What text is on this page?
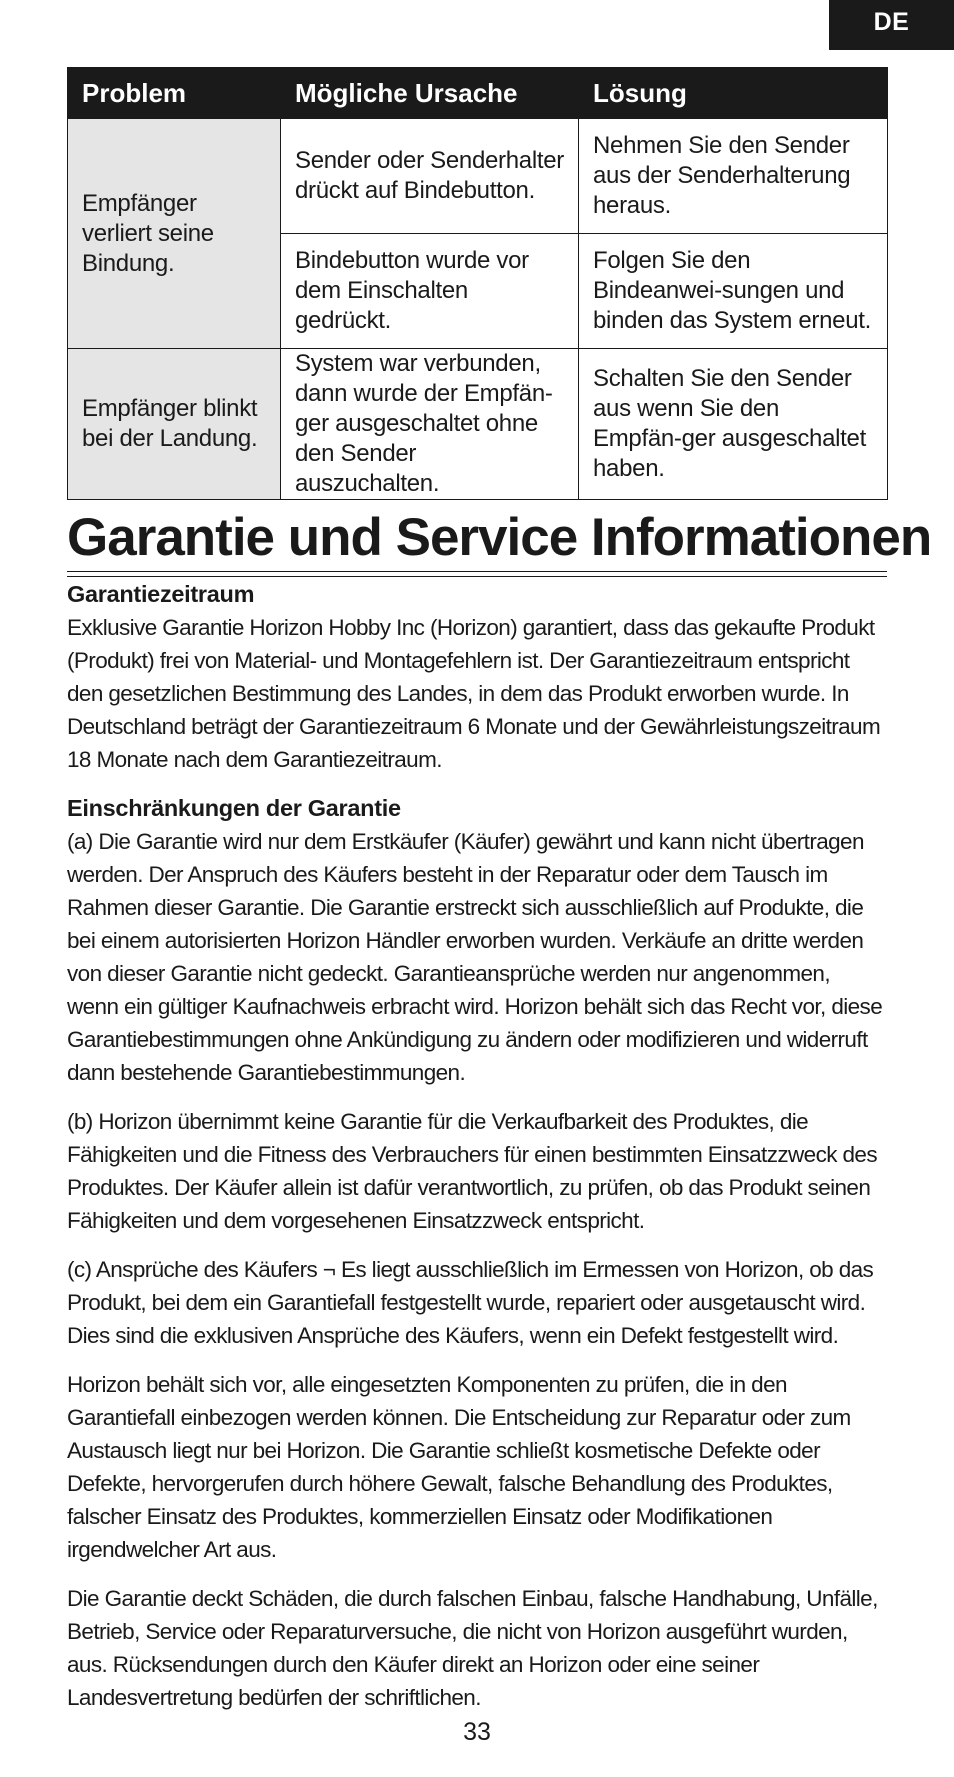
DE
Problem	Mögliche Ursache	Lösung
Empfänger verliert seine Bindung.	Sender oder Senderhalter drückt auf Bindebutton.	Nehmen Sie den Sender aus der Senderhalterung heraus.
	Bindebutton wurde vor dem Einschalten gedrückt.	Folgen Sie den Bindeanwei-sungen und binden das System erneut.
Empfänger blinkt bei der Landung.	System war verbunden, dann wurde der Empfän-ger ausgeschaltet ohne den Sender auszuchalten.	Schalten Sie den Sender aus wenn Sie den Empfän-ger ausgeschaltet haben.
Garantie und Service Informationen
Garantiezeitraum

Exklusive Garantie Horizon Hobby Inc (Horizon) garantiert, dass das gekaufte Produkt (Produkt) frei von Material- und Montagefehlern ist. Der Garantiezeitraum entspricht den gesetzlichen Bestimmung des Landes, in dem das Produkt erworben wurde. In Deutschland beträgt der Garantiezeitraum 6 Monate und der Gewährleistungszeitraum 18 Monate nach dem Garantiezeitraum.

Einschränkungen der Garantie

(a) Die Garantie wird nur dem Erstkäufer (Käufer) gewährt und kann nicht übertragen werden. Der Anspruch des Käufers besteht in der Reparatur oder dem Tausch im Rahmen dieser Garantie. Die Garantie erstreckt sich ausschließlich auf Produkte, die bei einem autorisierten Horizon Händler erworben wurden. Verkäufe an dritte werden von dieser Garantie nicht gedeckt. Garantieansprüche werden nur angenommen, wenn ein gültiger Kaufnachweis erbracht wird. Horizon behält sich das Recht vor, diese Garantiebestimmungen ohne Ankündigung zu ändern oder modifizieren und widerruft dann bestehende Garantiebestimmungen.

(b) Horizon übernimmt keine Garantie für die Verkaufbarkeit des Produktes, die Fähigkeiten und die Fitness des Verbrauchers für einen bestimmten Einsatzzweck des Produktes. Der Käufer allein ist dafür verantwortlich, zu prüfen, ob das Produkt seinen Fähigkeiten und dem vorgesehenen Einsatzzweck entspricht.

(c) Ansprüche des Käufers ¬ Es liegt ausschließlich im Ermessen von Horizon, ob das Produkt, bei dem ein Garantiefall festgestellt wurde, repariert oder ausgetauscht wird. Dies sind die exklusiven Ansprüche des Käufers, wenn ein Defekt festgestellt wird.

Horizon behält sich vor, alle eingesetzten Komponenten zu prüfen, die in den Garantiefall einbezogen werden können. Die Entscheidung zur Reparatur oder zum Austausch liegt nur bei Horizon. Die Garantie schließt kosmetische Defekte oder Defekte, hervorgerufen durch höhere Gewalt, falsche Behandlung des Produktes, falscher Einsatz des Produktes, kommerziellen Einsatz oder Modifikationen irgendwelcher Art aus.

Die Garantie deckt Schäden, die durch falschen Einbau, falsche Handhabung, Unfälle, Betrieb, Service oder Reparaturversuche, die nicht von Horizon ausgeführt wurden, aus. Rücksendungen durch den Käufer direkt an Horizon oder eine seiner Landesvertretung bedürfen der schriftlichen.

33
